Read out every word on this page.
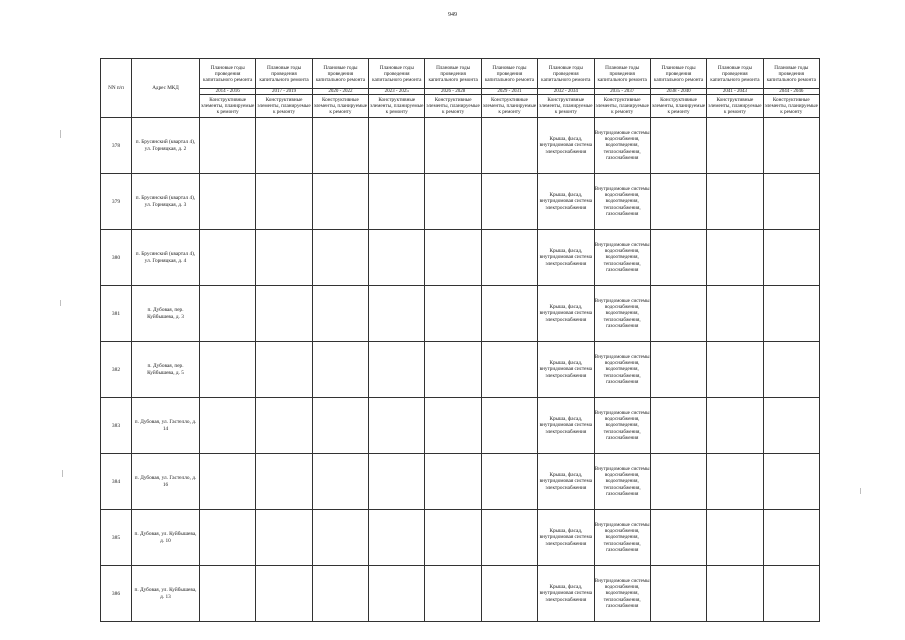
949
NN п/п	Адрес МКД	Плановые годы проведения капитального ремонта	Плановые годы проведения капитального ремонта	Плановые годы проведения капитального ремонта	Плановые годы проведения капитального ремонта	Плановые годы проведения капитального ремонта	Плановые годы проведения капитального ремонта	Плановые годы проведения капитального ремонта	Плановые годы проведения капитального ремонта	Плановые годы проведения капитального ремонта	Плановые годы проведения капитального ремонта	Плановые годы проведения капитального ремонта
		2014 - 2016	2017 - 2019	2020 - 2022	2023 - 2025	2026 - 2028	2029 - 2031	2032 - 2034	2035 - 2037	2038 - 2040	2041 - 2043	2044 - 2046
		Конструктивные элементы, планируемые к ремонту	Конструктивные элементы, планируемые к ремонту	Конструктивные элементы, планируемые к ремонту	Конструктивные элементы, планируемые к ремонту	Конструктивные элементы, планируемые к ремонту	Конструктивные элементы, планируемые к ремонту	Конструктивные элементы, планируемые к ремонту	Конструктивные элементы, планируемые к ремонту	Конструктивные элементы, планируемые к ремонту	Конструктивные элементы, планируемые к ремонту	Конструктивные элементы, планируемые к ремонту
378	п. Брусянский (квартал 4), ул. Горняцкая, д. 2							Крыша, фасад, внутридомовая система электроснабжения	Внутридомовые системы водоснабжения, водоотведения, теплоснабжения, газоснабжения			
379	п. Брусянский (квартал 4), ул. Горняцкая, д. 3							Крыша, фасад, внутридомовая система электроснабжения	Внутридомовые системы водоснабжения, водоотведения, теплоснабжения, газоснабжения			
380	п. Брусянский (квартал 4), ул. Горняцкая, д. 4							Крыша, фасад, внутридомовая система электроснабжения	Внутридомовые системы водоснабжения, водоотведения, теплоснабжения, газоснабжения			
381	п. Дубовая, пер. Куйбышева, д. 3							Крыша, фасад, внутридомовая система электроснабжения	Внутридомовые системы водоснабжения, водоотведения, теплоснабжения, газоснабжения			
382	п. Дубовая, пер. Куйбышева, д. 5							Крыша, фасад, внутридомовая система электроснабжения	Внутридомовые системы водоснабжения, водоотведения, теплоснабжения, газоснабжения			
383	п. Дубовая, ул. Гастелло, д. 14							Крыша, фасад, внутридомовая система электроснабжения	Внутридомовые системы водоснабжения, водоотведения, теплоснабжения, газоснабжения			
384	п. Дубовая, ул. Гастелло, д. 16							Крыша, фасад, внутридомовая система электроснабжения	Внутридомовые системы водоснабжения, водоотведения, теплоснабжения, газоснабжения			
385	п. Дубовая, ул. Куйбышева, д. 10							Крыша, фасад, внутридомовая система электроснабжения	Внутридомовые системы водоснабжения, водоотведения, теплоснабжения, газоснабжения			
386	п. Дубовая, ул. Куйбышева, д. 13							Крыша, фасад, внутридомовая система электроснабжения	Внутридомовые системы водоснабжения, водоотведения, теплоснабжения, газоснабжения			
